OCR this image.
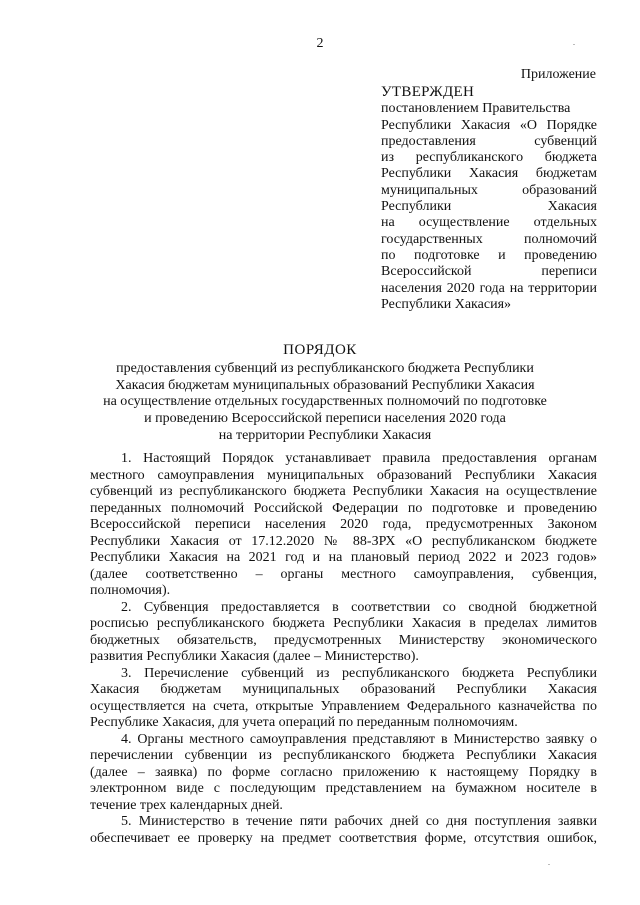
2
Приложение
УТВЕРЖДЕН
постановлением Правительства
Республики Хакасия «О Порядке
предоставления субвенций
из республиканского бюджета
Республики Хакасия бюджетам
муниципальных образований
Республики Хакасия
на осуществление отдельных
государственных полномочий
по подготовке и проведению
Всероссийской переписи
населения 2020 года на территории
Республики Хакасия»
ПОРЯДОК
предоставления субвенций из республиканского бюджета Республики
Хакасия бюджетам муниципальных образований Республики Хакасия
на осуществление отдельных государственных полномочий по подготовке
и проведению Всероссийской переписи населения 2020 года
на территории Республики Хакасия
1. Настоящий Порядок устанавливает правила предоставления органам
местного самоуправления муниципальных образований Республики Хакасия
субвенций из республиканского бюджета Республики Хакасия на осуществление
переданных полномочий Российской Федерации по подготовке и проведению
Всероссийской переписи населения 2020 года, предусмотренных Законом
Республики Хакасия от 17.12.2020 № 88-ЗРХ «О республиканском бюджете
Республики Хакасия на 2021 год и на плановый период 2022 и 2023 годов»
(далее соответственно – органы местного самоуправления, субвенция,
полномочия).
2. Субвенция предоставляется в соответствии со сводной бюджетной
росписью республиканского бюджета Республики Хакасия в пределах лимитов
бюджетных обязательств, предусмотренных Министерству экономического
развития Республики Хакасия (далее – Министерство).
3. Перечисление субвенций из республиканского бюджета Республики
Хакасия бюджетам муниципальных образований Республики Хакасия
осуществляется на счета, открытые Управлением Федерального казначейства по
Республике Хакасия, для учета операций по переданным полномочиям.
4. Органы местного самоуправления представляют в Министерство заявку о
перечислении субвенции из республиканского бюджета Республики Хакасия
(далее – заявка) по форме согласно приложению к настоящему Порядку в
электронном виде с последующим представлением на бумажном носителе в
течение трех календарных дней.
5. Министерство в течение пяти рабочих дней со дня поступления заявки
обеспечивает ее проверку на предмет соответствия форме, отсутствия ошибок,
